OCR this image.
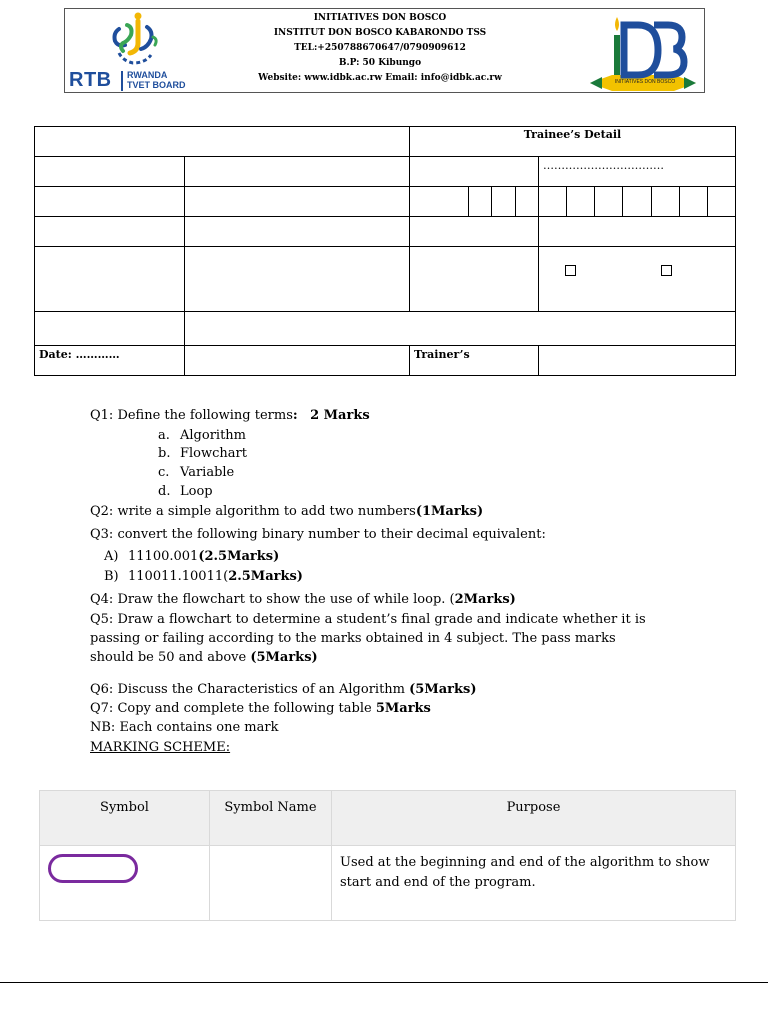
RTB RWANDA
TVET BOARD
INITIATIVES DON BOSCO
INSTITUT DON BOSCO KABARONDO TSS
TEL:+250788670647/0790909612
B.P: 50 Kibungo
Website: www.idbk.ac.rw Email: info@idbk.ac.rw	INITIATIVES DON BOSCO
		Trainee’s Detail	
			……………………………

Date: …………		Trainer’s	
Q1: Define the following terms: 2 Marks
a. Algorithm
b. Flowchart
c. Variable
d. Loop
Q2: write a simple algorithm to add two numbers(1Marks)
Q3: convert the following binary number to their decimal equivalent:
A) 11100.001(2.5Marks)
B) 110011.10011(2.5Marks)
Q4: Draw the flowchart to show the use of while loop. (2Marks)
Q5: Draw a flowchart to determine a student’s final grade and indicate whether it is
passing or failing according to the marks obtained in 4 subject. The pass marks
should be 50 and above (5Marks)
Q6: Discuss the Characteristics of an Algorithm (5Marks)
Q7: Copy and complete the following table 5Marks
NB: Each contains one mark
MARKING SCHEME:
Symbol	Symbol Name	Purpose

		Used at the beginning and end of the algorithm to show start and end of the program.
